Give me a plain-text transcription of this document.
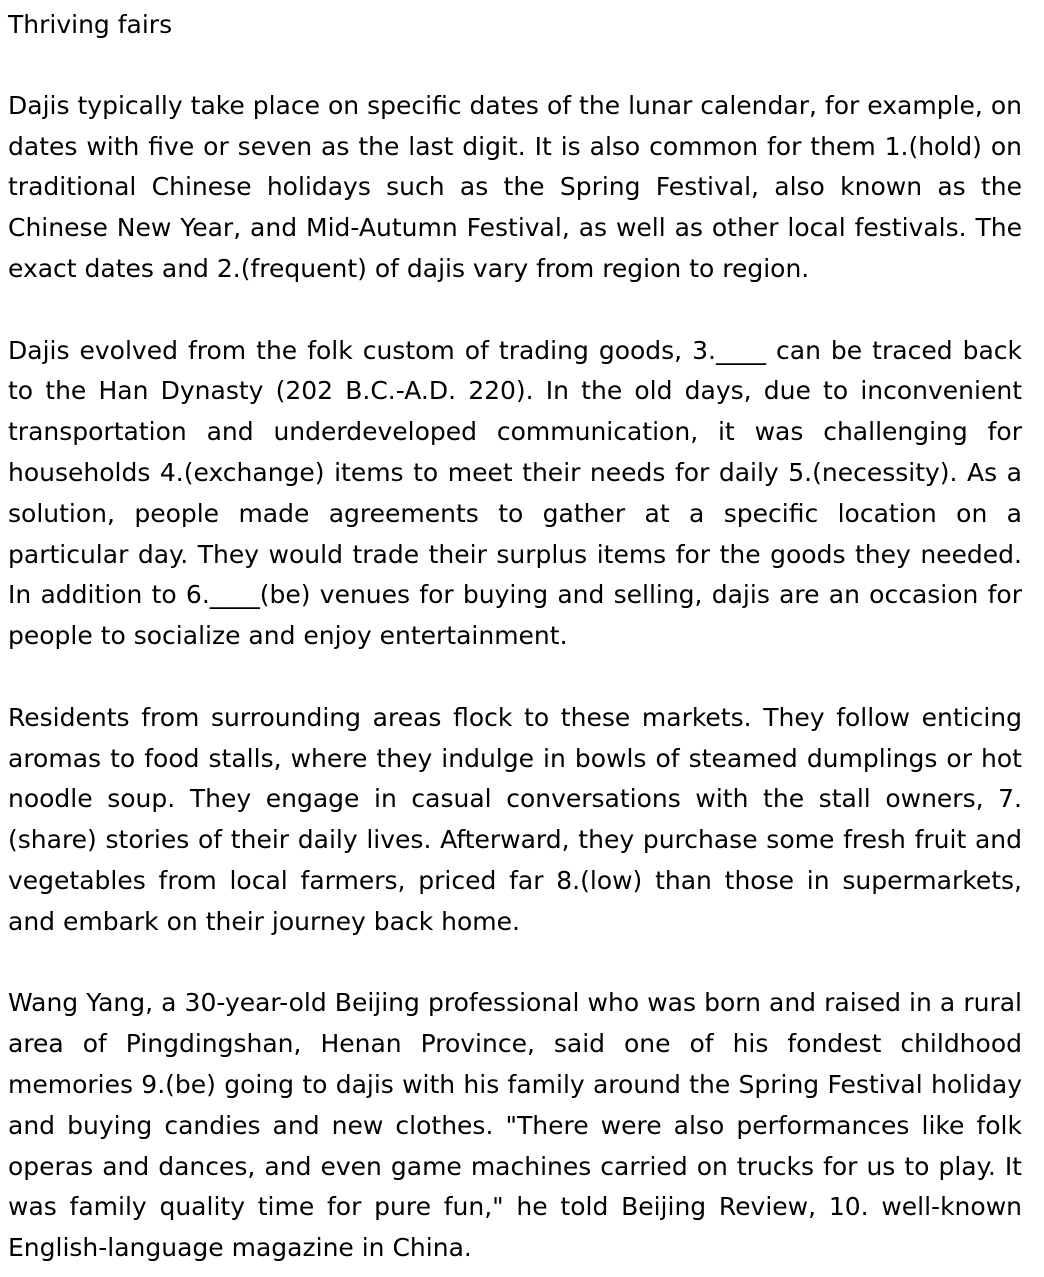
Thriving fairs

Dajis typically take place on specific dates of the lunar calendar, for example, on dates with five or seven as the last digit. It is also common for them 1.(hold) on traditional Chinese holidays such as the Spring Festival, also known as the Chinese New Year, and Mid-Autumn Festival, as well as other local festivals. The exact dates and 2.(frequent) of dajis vary from region to region.

Dajis evolved from the folk custom of trading goods, 3.____ can be traced back to the Han Dynasty (202 B.C.-A.D. 220). In the old days, due to inconvenient transportation and underdeveloped communication, it was challenging for households 4.(exchange) items to meet their needs for daily 5.(necessity). As a solution, people made agreements to gather at a specific location on a particular day. They would trade their surplus items for the goods they needed. In addition to 6.____(be) venues for buying and selling, dajis are an occasion for people to socialize and enjoy entertainment.

Residents from surrounding areas flock to these markets. They follow enticing aromas to food stalls, where they indulge in bowls of steamed dumplings or hot noodle soup. They engage in casual conversations with the stall owners, 7.(share) stories of their daily lives. Afterward, they purchase some fresh fruit and vegetables from local farmers, priced far 8.(low) than those in supermarkets, and embark on their journey back home.

Wang Yang, a 30-year-old Beijing professional who was born and raised in a rural area of Pingdingshan, Henan Province, said one of his fondest childhood memories 9.(be) going to dajis with his family around the Spring Festival holiday and buying candies and new clothes. "There were also performances like folk operas and dances, and even game machines carried on trucks for us to play. It was family quality time for pure fun," he told Beijing Review, 10. well-known English-language magazine in China.
